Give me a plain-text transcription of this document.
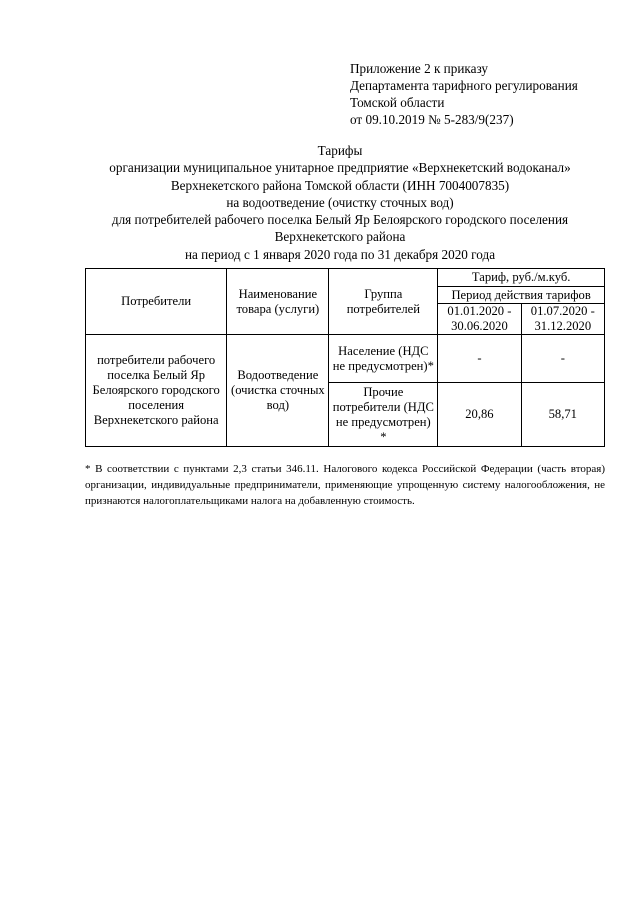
Приложение 2 к приказу
Департамента тарифного регулирования
Томской области
от 09.10.2019 № 5-283/9(237)
Тарифы
организации муниципальное унитарное предприятие «Верхнекетский водоканал»
Верхнекетского района Томской области (ИНН 7004007835)
на водоотведение (очистку сточных вод)
для потребителей рабочего поселка Белый Яр Белоярского городского поселения
Верхнекетского района
на период с 1 января 2020 года по 31 декабря 2020 года
Потребители	Наименование товара (услуги)	Группа потребителей	Тариф, руб./м.куб.	
			Период действия тарифов	
			01.01.2020 - 30.06.2020	01.07.2020 - 31.12.2020
потребители рабочего поселка Белый Яр Белоярского городского поселения Верхнекетского района	Водоотведение (очистка сточных вод)	Население (НДС не предусмотрен)*	-	-
		Прочие потребители (НДС не предусмотрен) *	20,86	58,71
* В соответствии с пунктами 2,3 статьи 346.11. Налогового кодекса Российской Федерации (часть вторая) организации, индивидуальные предприниматели, применяющие упрощенную систему налогообложения, не признаются налогоплательщиками налога на добавленную стоимость.
